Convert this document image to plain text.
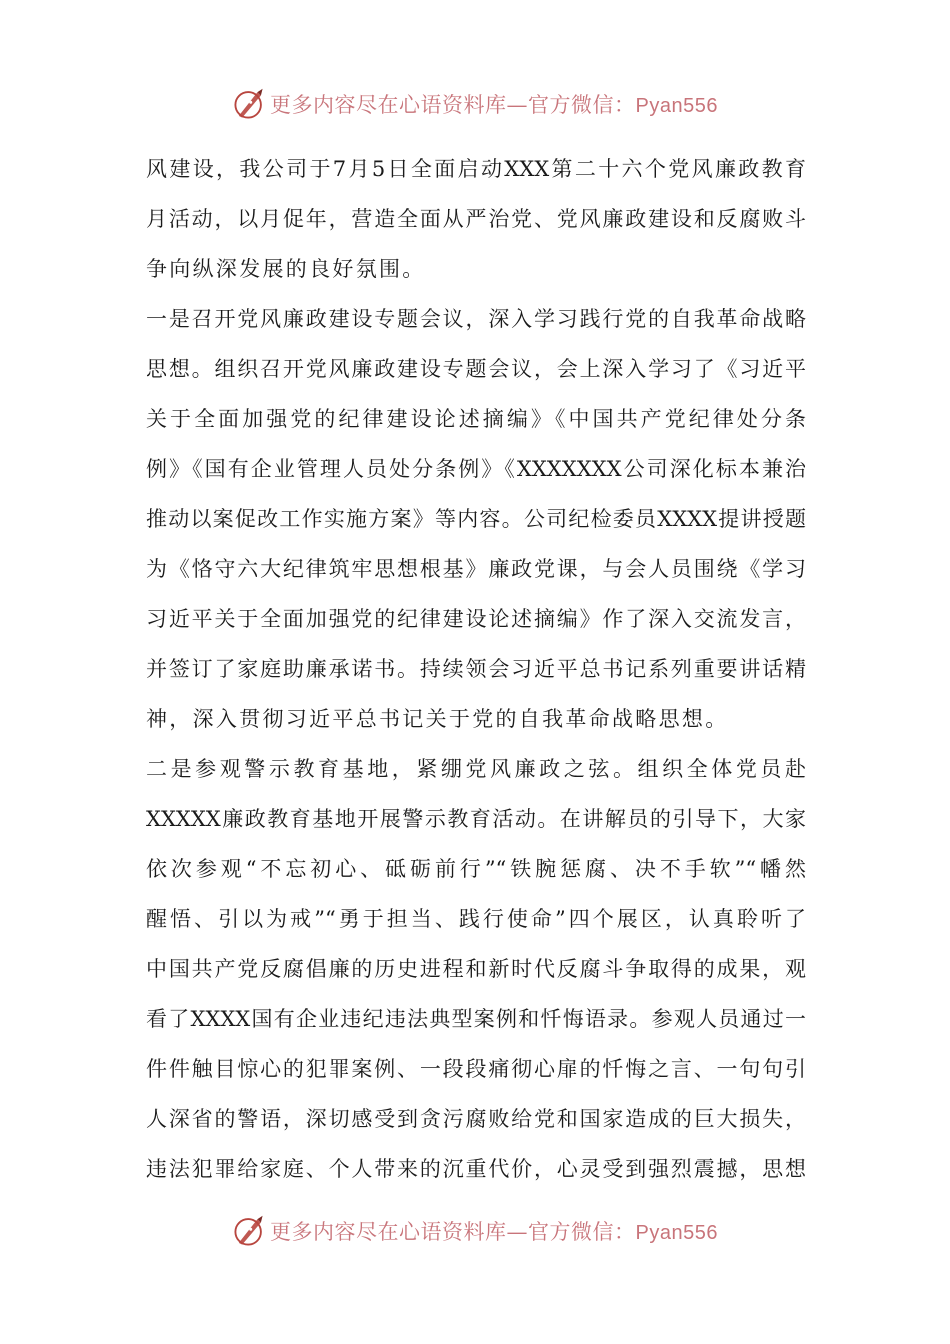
更多内容尽在心语资料库—官方微信：Pyan556
风建设，我公司于7月5日全面启动XXX第二十六个党风廉政教育
月活动，以月促年，营造全面从严治党、党风廉政建设和反腐败斗
争向纵深发展的良好氛围。
一是召开党风廉政建设专题会议，深入学习践行党的自我革命战略
思想。组织召开党风廉政建设专题会议，会上深入学习了《习近平
关于全面加强党的纪律建设论述摘编》《中国共产党纪律处分条
例》《国有企业管理人员处分条例》《XXXXXXX公司深化标本兼治
推动以案促改工作实施方案》等内容。公司纪检委员XXXX提讲授题
为《恪守六大纪律筑牢思想根基》廉政党课，与会人员围绕《学习
习近平关于全面加强党的纪律建设论述摘编》作了深入交流发言，
并签订了家庭助廉承诺书。持续领会习近平总书记系列重要讲话精
神，深入贯彻习近平总书记关于党的自我革命战略思想。
二是参观警示教育基地，紧绷党风廉政之弦。组织全体党员赴
XXXXX廉政教育基地开展警示教育活动。在讲解员的引导下，大家
依次参观“不忘初心、砥砺前行”“铁腕惩腐、决不手软”“幡然
醒悟、引以为戒”“勇于担当、践行使命”四个展区，认真聆听了
中国共产党反腐倡廉的历史进程和新时代反腐斗争取得的成果，观
看了XXXX国有企业违纪违法典型案例和忏悔语录。参观人员通过一
件件触目惊心的犯罪案例、一段段痛彻心扉的忏悔之言、一句句引
人深省的警语，深切感受到贪污腐败给党和国家造成的巨大损失，
违法犯罪给家庭、个人带来的沉重代价，心灵受到强烈震撼，思想
更多内容尽在心语资料库—官方微信：Pyan556
